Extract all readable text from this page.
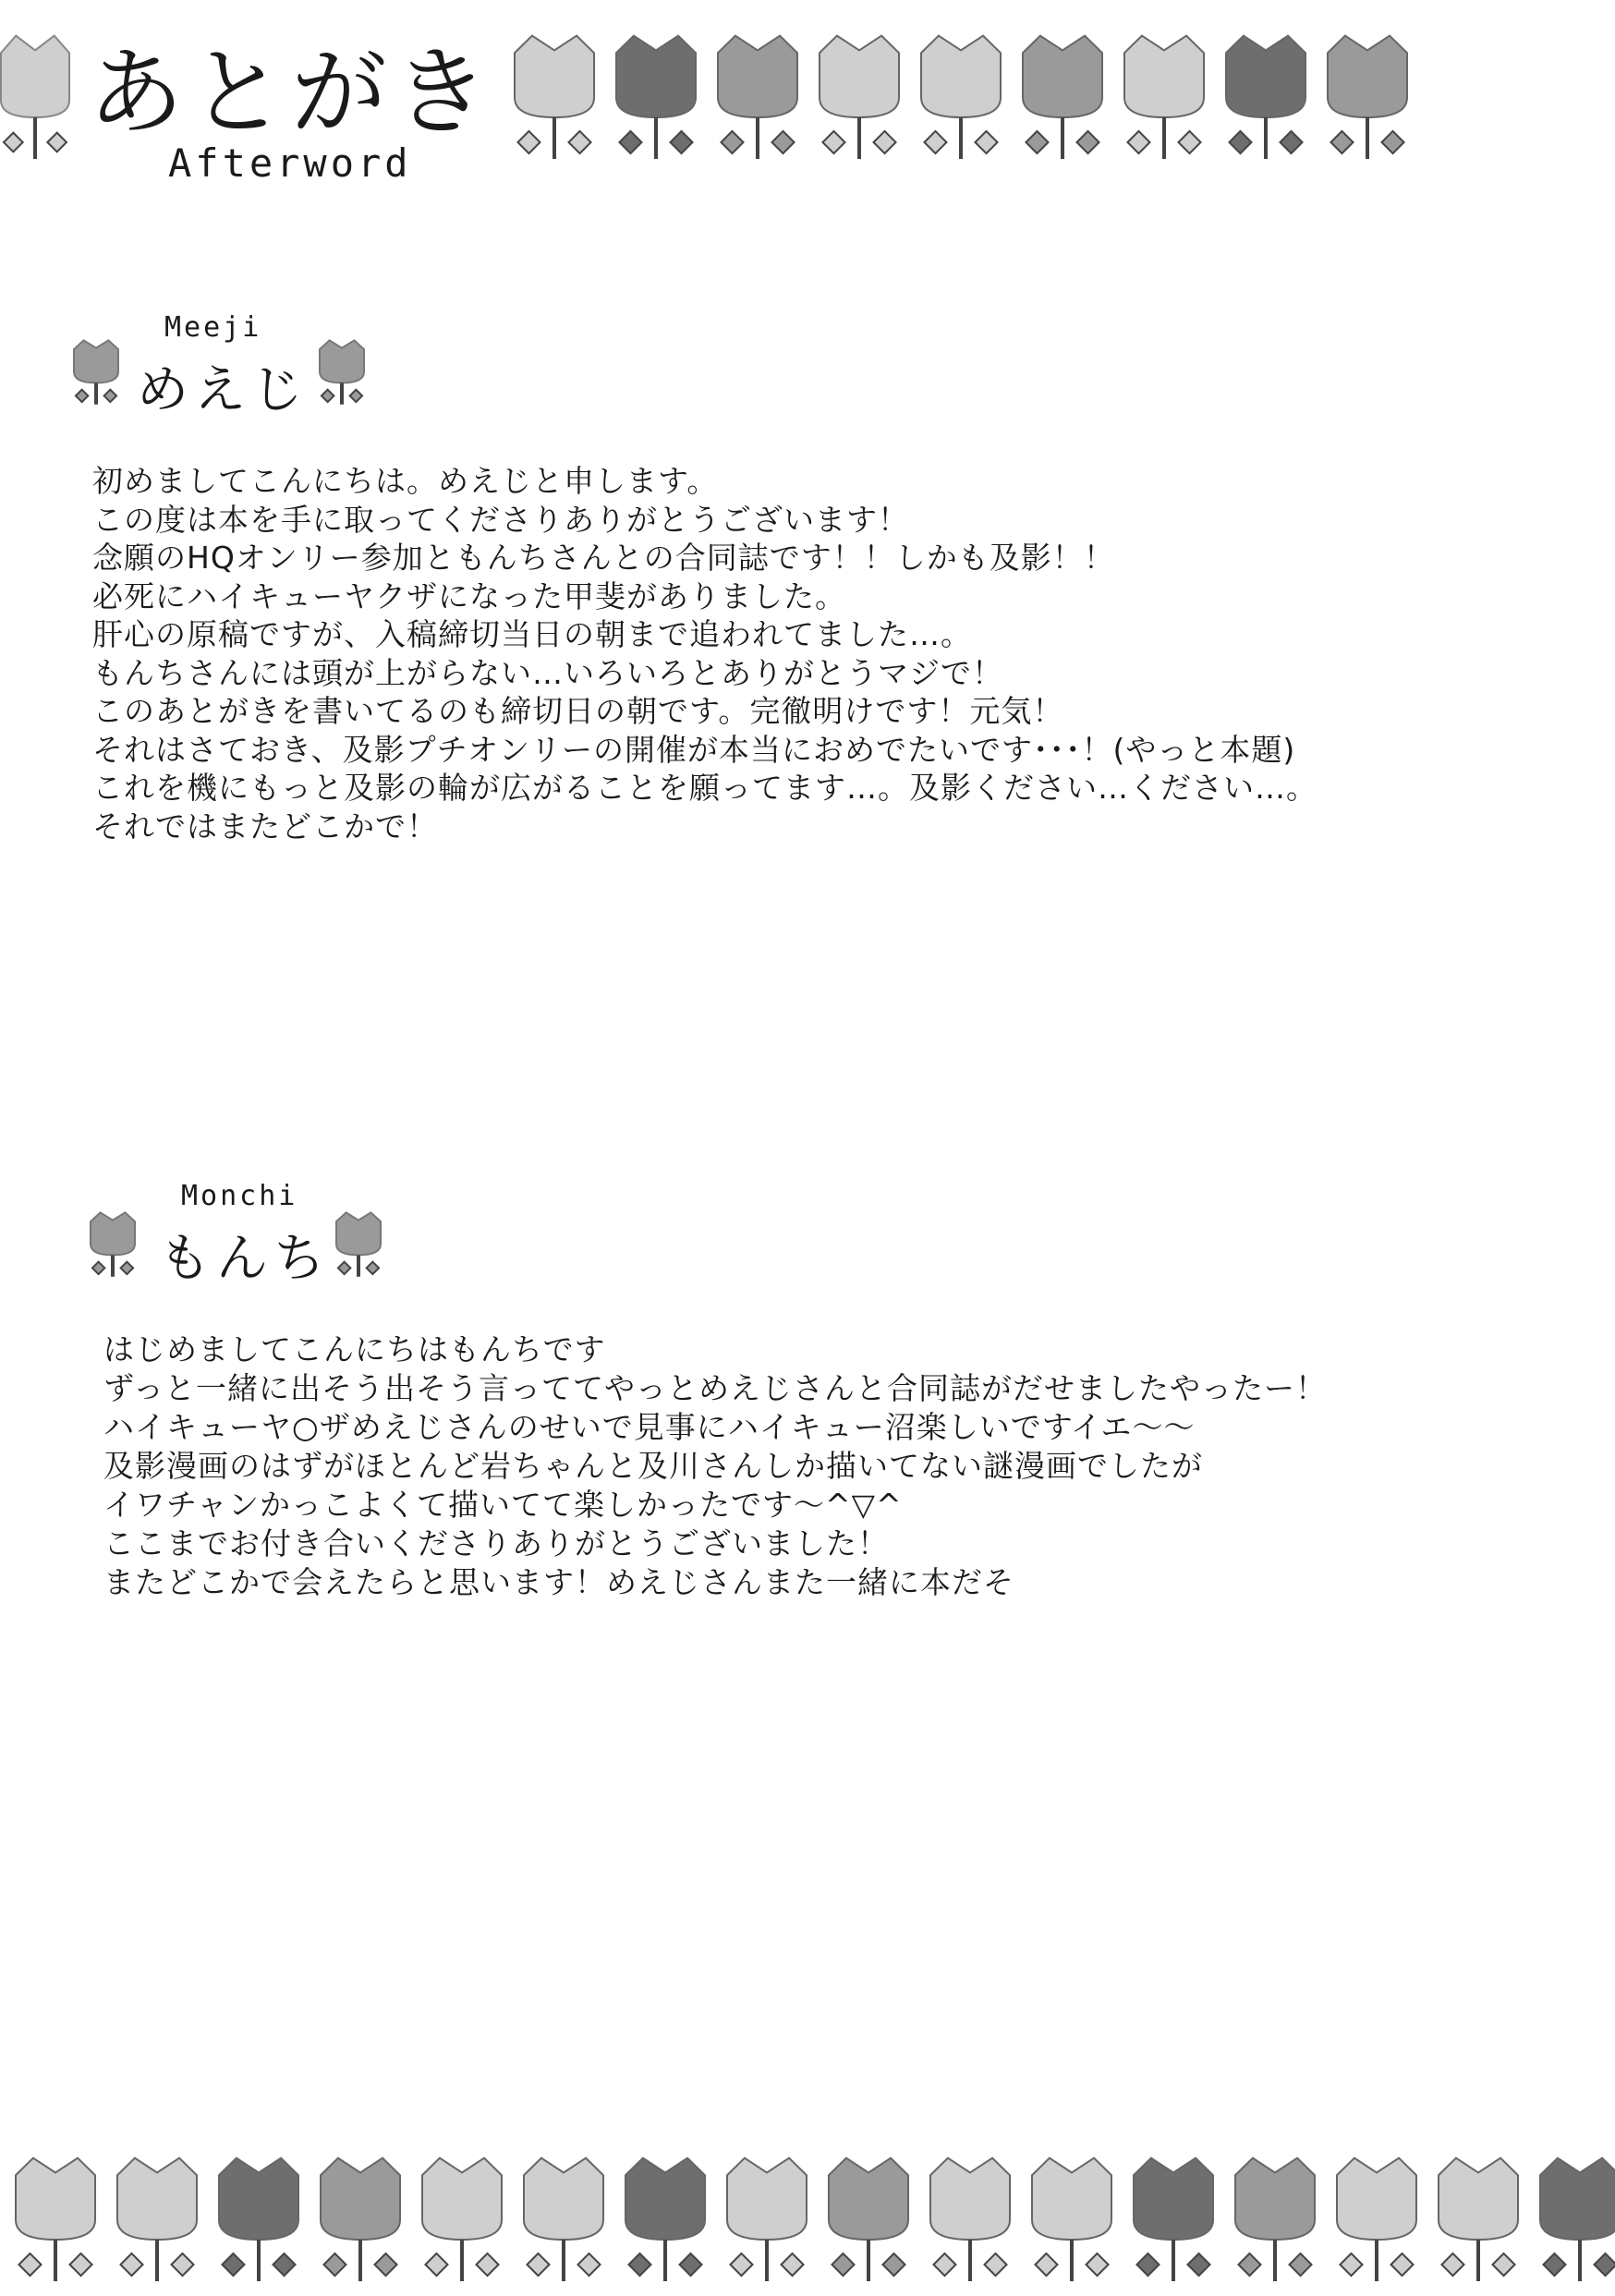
あとがき
Afterword
Meeji
めえじ
初めましてこんにちは。めえじと申します。
この度は本を手に取ってくださりありがとうございます！
念願のHQオンリー参加ともんちさんとの合同誌です！！しかも及影！！
必死にハイキューヤクザになった甲斐がありました。
肝心の原稿ですが、入稿締切当日の朝まで追われてました…。
もんちさんには頭が上がらない…いろいろとありがとうマジで！
このあとがきを書いてるのも締切日の朝です。完徹明けです！元気！
それはさておき、及影プチオンリーの開催が本当におめでたいです･･･！(やっと本題)
これを機にもっと及影の輪が広がることを願ってます…。及影ください…ください…。
それではまたどこかで！
Monchi
もんち
はじめましてこんにちはもんちです
ずっと一緒に出そう出そう言っててやっとめえじさんと合同誌がだせましたやったー！
ハイキューヤ○ザめえじさんのせいで見事にハイキュー沼楽しいですイエ～～
及影漫画のはずがほとんど岩ちゃんと及川さんしか描いてない謎漫画でしたが
イワチャンかっこよくて描いてて楽しかったです～^▽^
ここまでお付き合いくださりありがとうございました！
またどこかで会えたらと思います！めえじさんまた一緒に本だそ
